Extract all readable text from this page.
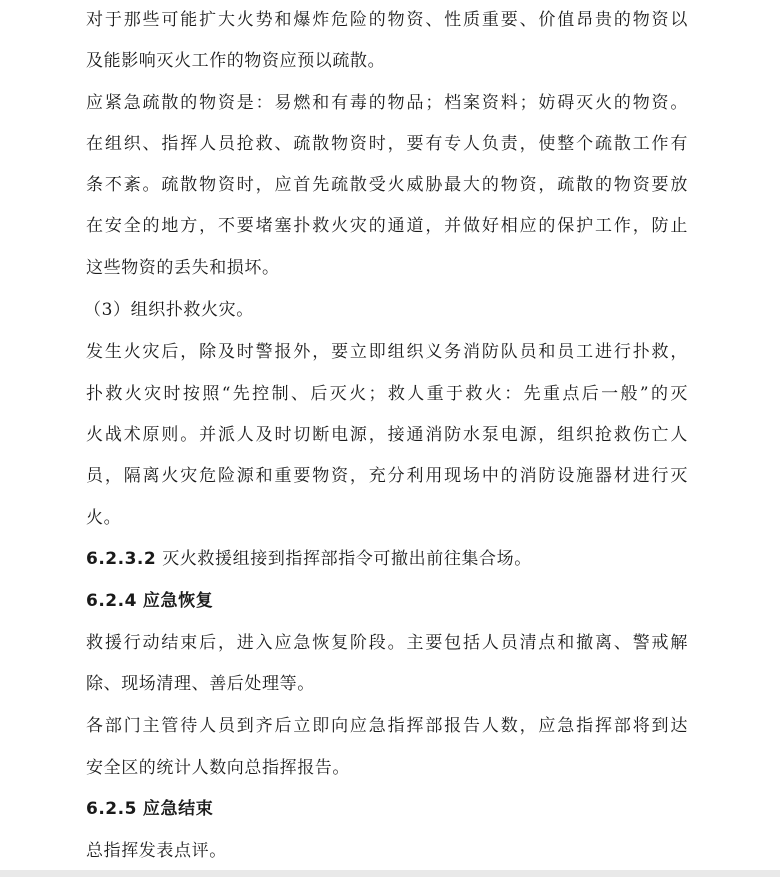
对于那些可能扩大火势和爆炸危险的物资、性质重要、价值昂贵的物资以
及能影响灭火工作的物资应预以疏散。
应紧急疏散的物资是：易燃和有毒的物品；档案资料；妨碍灭火的物资。
在组织、指挥人员抢救、疏散物资时，要有专人负责，使整个疏散工作有
条不紊。疏散物资时，应首先疏散受火威胁最大的物资，疏散的物资要放
在安全的地方，不要堵塞扑救火灾的通道，并做好相应的保护工作，防止
这些物资的丢失和损坏。
（3）组织扑救火灾。
发生火灾后，除及时警报外，要立即组织义务消防队员和员工进行扑救，
扑救火灾时按照“先控制、后灭火；救人重于救火：先重点后一般”的灭
火战术原则。并派人及时切断电源，接通消防水泵电源，组织抢救伤亡人
员，隔离火灾危险源和重要物资，充分利用现场中的消防设施器材进行灭
火。
6.2.3.2 灭火救援组接到指挥部指令可撤出前往集合场。
6.2.4 应急恢复
救援行动结束后，进入应急恢复阶段。主要包括人员清点和撤离、警戒解
除、现场清理、善后处理等。
各部门主管待人员到齐后立即向应急指挥部报告人数，应急指挥部将到达
安全区的统计人数向总指挥报告。
6.2.5 应急结束
总指挥发表点评。
